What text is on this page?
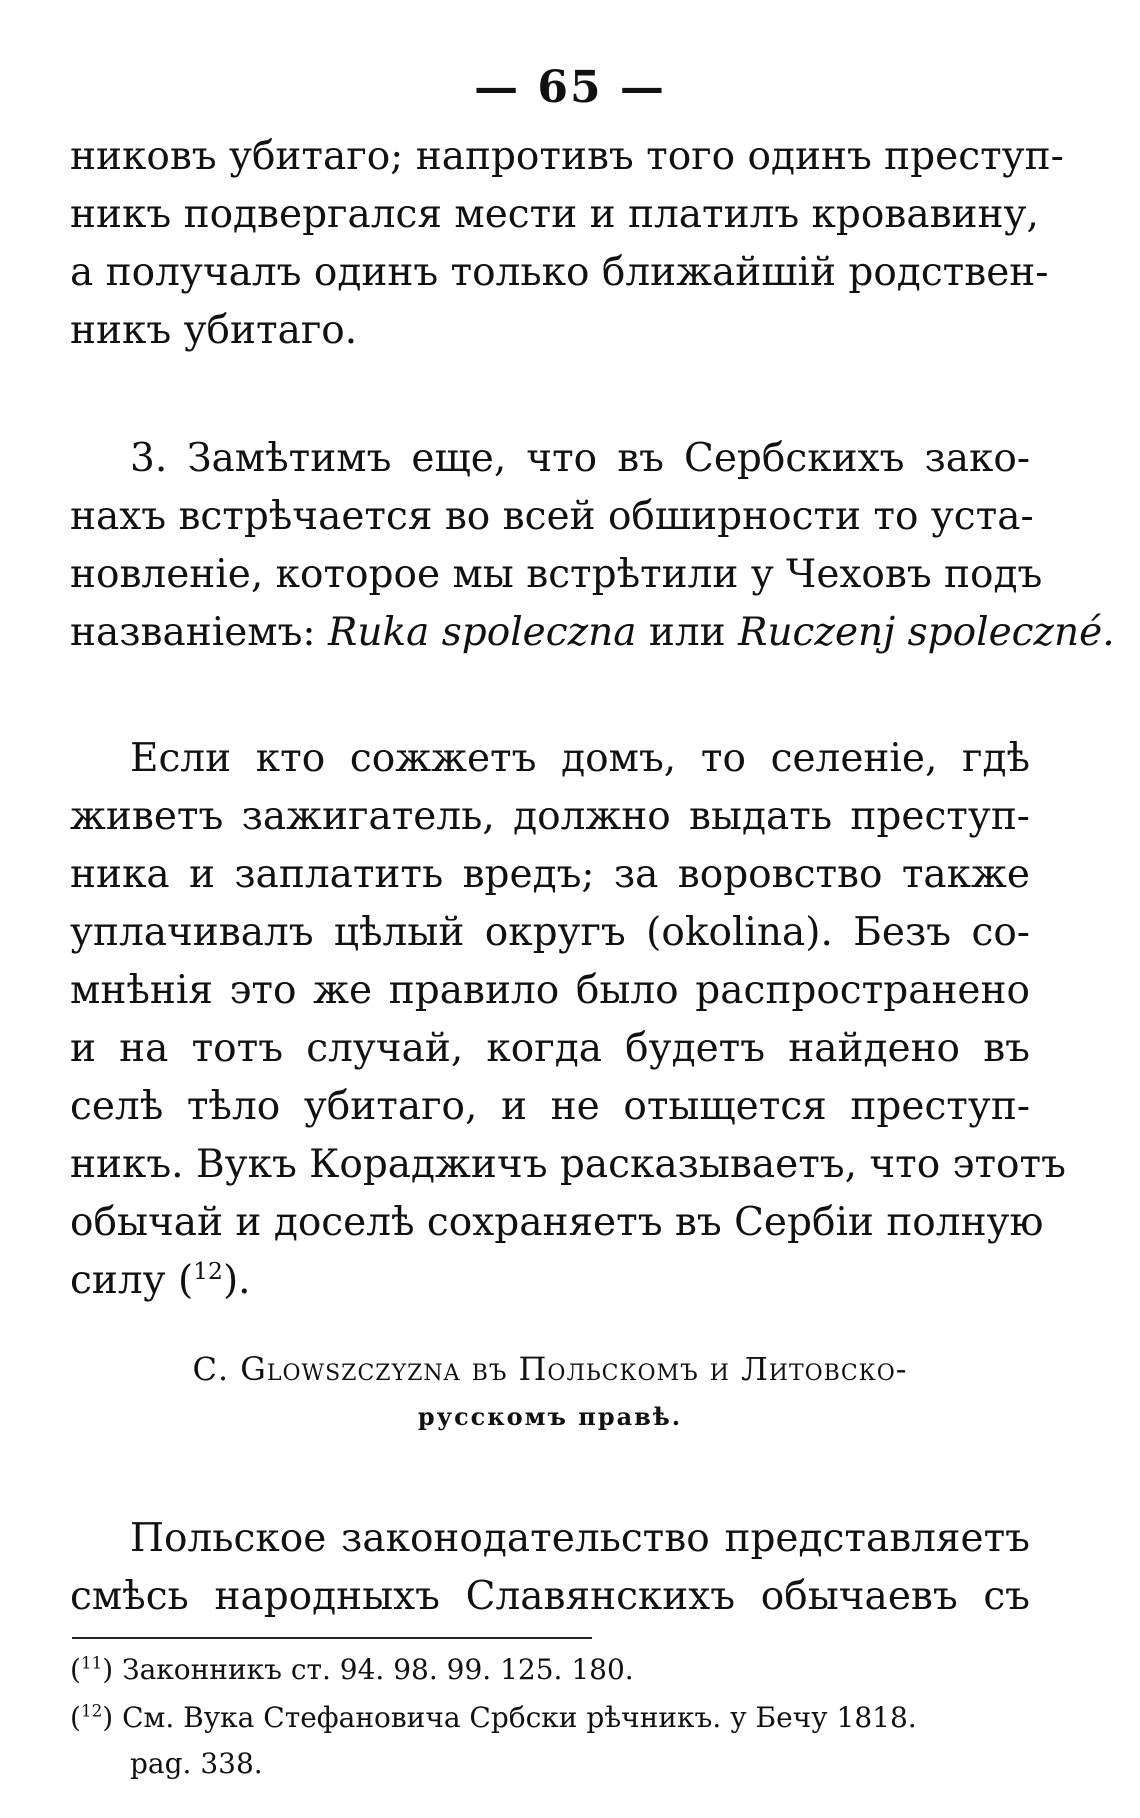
— 65 —
никовъ убитаго; напротивъ того одинъ преступ-
никъ подвергался мести и платилъ кровавину,
а получалъ одинъ только ближайшій родствен-
никъ убитаго.
3. Замѣтимъ еще, что въ Сербскихъ зако-
нахъ встрѣчается во всей обширности то уста-
новленіе, которое мы встрѣтили у Чеховъ подъ
названіемъ: Ruka spoleczna или Ruczenj spoleczné.
Если кто сожжетъ домъ, то селеніе, гдѣ
живетъ зажигатель, должно выдать преступ-
ника и заплатить вредъ; за воровство также
уплачивалъ цѣлый округъ (okolina). Безъ со-
мнѣнія это же правило было распространено
и на тотъ случай, когда будетъ найдено въ
селѣ тѣло убитаго, и не отыщется преступ-
никъ. Вукъ Кораджичъ расказываетъ, что этотъ
обычай и доселѣ сохраняетъ въ Сербіи полную
силу ($^{12}$).
С. Glowszczyzna въ Польскомъ и Литовско-
русскомъ правѣ.
Польское законодательство представляетъ
смѣсь народныхъ Славянскихъ обычаевъ съ
($^{11}$) Законникъ ст. 94. 98. 99. 125. 180.
($^{12}$) См. Вука Стефановича Србски рѣчникъ. у Бечу 1818.
pag. 338.
